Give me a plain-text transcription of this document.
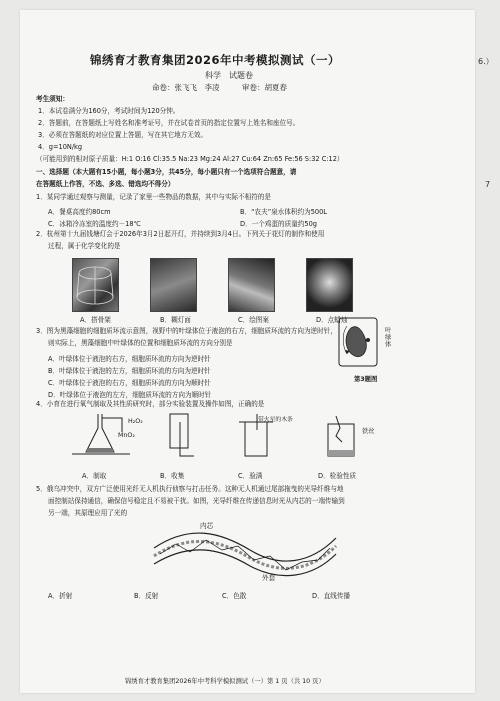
6.）
7
锦绣育才教育集团2026年中考模拟测试（一）
科学　试题卷
命卷：张飞飞　李凌　　　审卷：胡夏春
考生须知：
1．本试卷满分为160分，考试时间为120分钟。
2．答题前，在答题纸上写姓名和准考证号，并在试卷首页的指定位置写上姓名和座位号。
3．必须在答题纸的对应位置上答题，写在其它地方无效。
4．g=10N/kg
（可能用到的相对原子质量：H:1 O:16 Cl:35.5 Na:23 Mg:24 Al:27 Cu:64 Zn:65 Fe:56 S:32 C:12）
一、选择题（本大题有15小题，每小题3分，共45分，每小题只有一个选项符合题意，请
在答题纸上作答，不选、多选、错选均不得分）
1．某同学通过观察与测量，记录了家里一些物品的数据，其中与实际不相符的是
A．餐桌高度约80cm	B．“农夫”泉水体积约为500L
C．冰箱冷冻室的温度约－18℃	D．一个鸡蛋的质量约50g
2．杭州第十九届钱塘灯会于2026年3月2日起开灯，并持续到3月4日。下列关于花灯的制作和使用
过程，属于化学变化的是
A．搭骨架	B．糊灯面	C．绘图案	D．点蜡烛
3．图为黑藻细胞的细胞质环流示意图，视野中的叶绿体位于液泡的右方，细胞质环流的方向为逆时针，
则实际上，黑藻细胞中叶绿体的位置和细胞质环流的方向分别是
A．叶绿体位于液泡的右方，细胞质环流的方向为逆时针
B．叶绿体位于液泡的左方，细胞质环流的方向为逆时针
C．叶绿体位于液泡的右方，细胞质环流的方向为顺时针
D．叶绿体位于液泡的左方，细胞质环流的方向为顺时针
叶绿体
第3题图
4．小育在进行氧气制取及其性质研究时，部分实验装置及操作如图，正确的是
H₂O₂
MnO₂
带火星的木条
铁丝
A．制取	B．收集	C．验满	D．检验性质
5．俄乌冲突中，双方广泛使用光纤无人机执行侦察与打击任务。这种无人机通过尾部拖曳的光导纤维与地
面控制站保持通信，确保信号稳定且不易被干扰。如图，光导纤维在传递信息时光从内芯的一端传输到
另一端，其原理应用了光的
内芯
外套
A．折射	B．反射	C．色散	D．直线传播
锦绣育才教育集团2026年中考科学模拟测试（一）第 1 页（共 10 页）
